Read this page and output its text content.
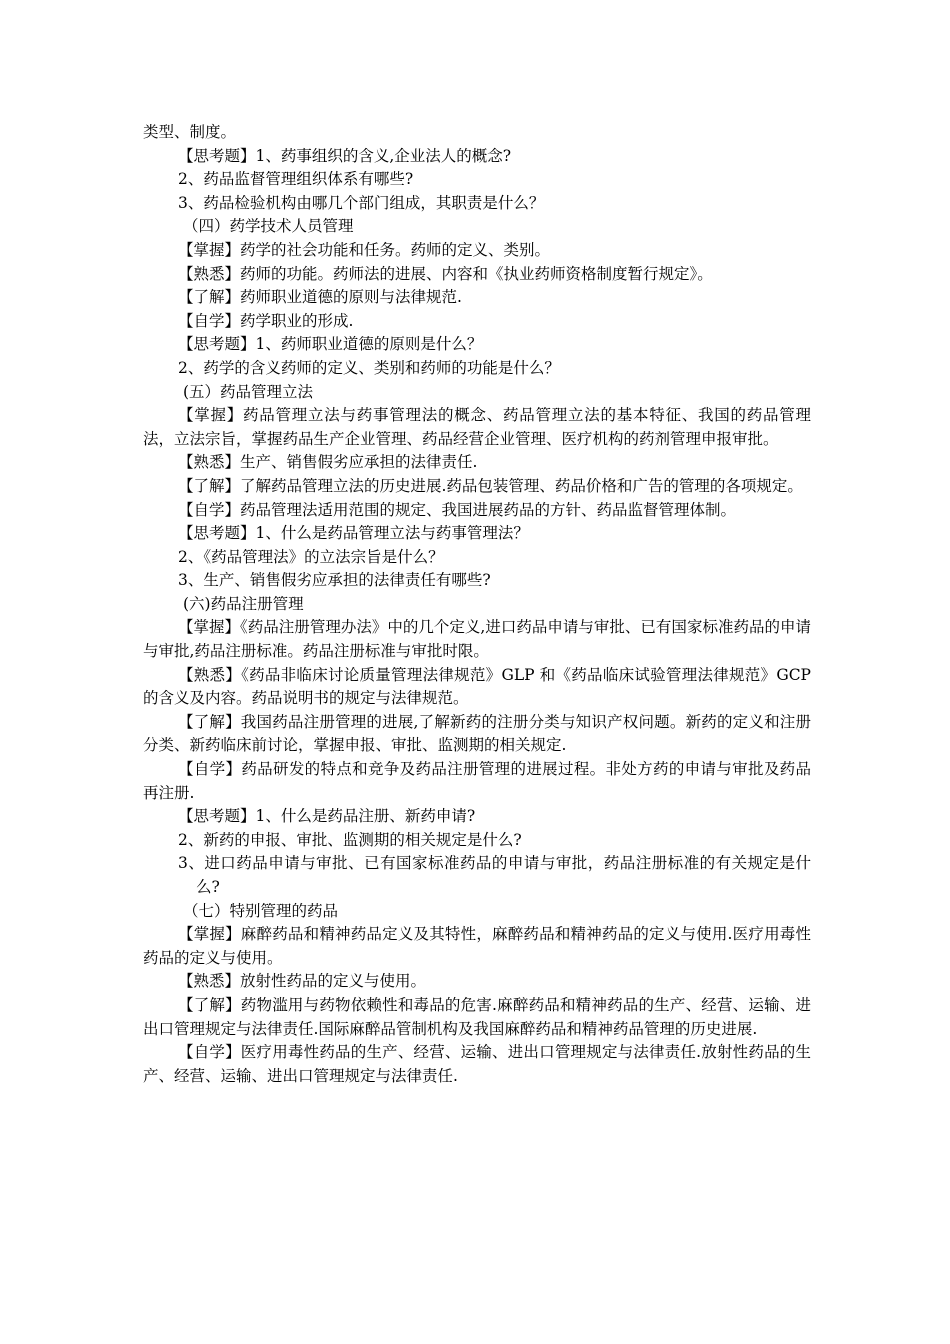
类型、制度。

【思考题】1、药事组织的含义,企业法人的概念?

2、药品监督管理组织体系有哪些?

3、药品检验机构由哪几个部门组成，其职责是什么？

（四）药学技术人员管理

【掌握】药学的社会功能和任务。药师的定义、类别。

【熟悉】药师的功能。药师法的进展、内容和《执业药师资格制度暂行规定》。

【了解】药师职业道德的原则与法律规范.

【自学】药学职业的形成.

【思考题】1、药师职业道德的原则是什么？

2、药学的含义药师的定义、类别和药师的功能是什么？

(五）药品管理立法

【掌握】药品管理立法与药事管理法的概念、药品管理立法的基本特征、我国的药品管理法，立法宗旨，掌握药品生产企业管理、药品经营企业管理、医疗机构的药剂管理申报审批。

【熟悉】生产、销售假劣应承担的法律责任.

【了解】了解药品管理立法的历史进展.药品包装管理、药品价格和广告的管理的各项规定。

【自学】药品管理法适用范围的规定、我国进展药品的方针、药品监督管理体制。

【思考题】1、什么是药品管理立法与药事管理法？

2、《药品管理法》的立法宗旨是什么？

3、生产、销售假劣应承担的法律责任有哪些?

(六)药品注册管理

【掌握】《药品注册管理办法》中的几个定义,进口药品申请与审批、已有国家标准药品的申请与审批,药品注册标准。药品注册标准与审批时限。

【熟悉】《药品非临床讨论质量管理法律规范》GLP 和《药品临床试验管理法律规范》GCP 的含义及内容。药品说明书的规定与法律规范。

【了解】我国药品注册管理的进展,了解新药的注册分类与知识产权问题。新药的定义和注册分类、新药临床前讨论，掌握申报、审批、监测期的相关规定.

【自学】药品研发的特点和竞争及药品注册管理的进展过程。非处方药的申请与审批及药品再注册.

【思考题】1、什么是药品注册、新药申请?

2、新药的申报、审批、监测期的相关规定是什么?

3、进口药品申请与审批、已有国家标准药品的申请与审批，药品注册标准的有关规定是什么?

（七）特别管理的药品

【掌握】麻醉药品和精神药品定义及其特性，麻醉药品和精神药品的定义与使用.医疗用毒性药品的定义与使用。

【熟悉】放射性药品的定义与使用。

【了解】药物滥用与药物依赖性和毒品的危害.麻醉药品和精神药品的生产、经营、运输、进出口管理规定与法律责任.国际麻醉品管制机构及我国麻醉药品和精神药品管理的历史进展.

【自学】医疗用毒性药品的生产、经营、运输、进出口管理规定与法律责任.放射性药品的生产、经营、运输、进出口管理规定与法律责任.
